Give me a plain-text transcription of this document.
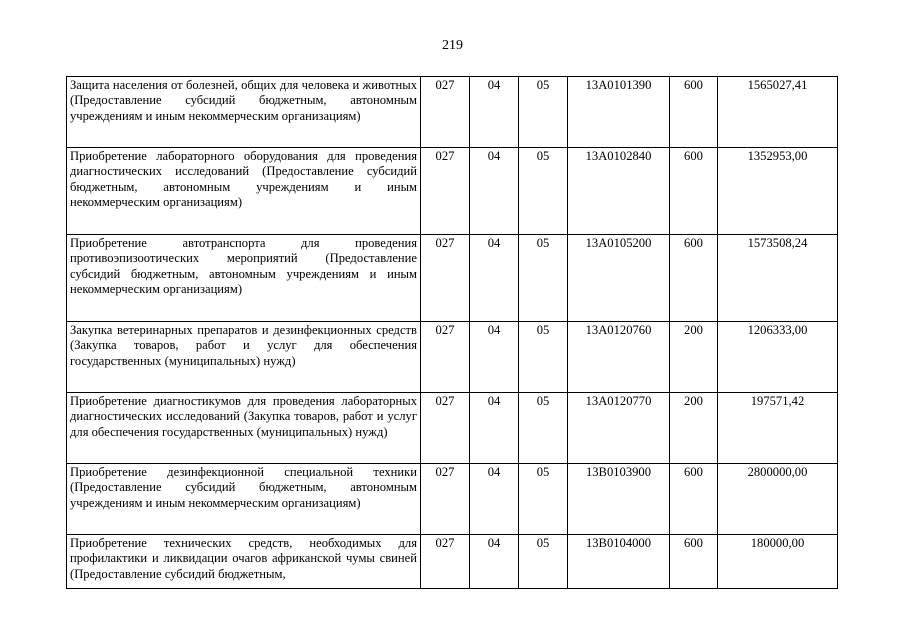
219
Защита населения от болезней, общих для человека и животных (Предоставление субсидий бюджетным, автономным учреждениям и иным некоммерческим организациям)	027	04	05	13А0101390	600	1565027,41
Приобретение лабораторного оборудования для проведения диагностических исследований (Предоставление субсидий бюджетным, автономным учреждениям и иным некоммерческим организациям)	027	04	05	13А0102840	600	1352953,00
Приобретение автотранспорта для проведения противоэпизоотических мероприятий (Предоставление субсидий бюджетным, автономным учреждениям и иным некоммерческим организациям)	027	04	05	13А0105200	600	1573508,24
Закупка ветеринарных препаратов и дезинфекционных средств (Закупка товаров, работ и услуг для обеспечения государственных (муниципальных) нужд)	027	04	05	13А0120760	200	1206333,00
Приобретение диагностикумов для проведения лабораторных диагностических исследований (Закупка товаров, работ и услуг для обеспечения государственных (муниципальных) нужд)	027	04	05	13А0120770	200	197571,42
Приобретение дезинфекционной специальной техники (Предоставление субсидий бюджетным, автономным учреждениям и иным некоммерческим организациям)	027	04	05	13В0103900	600	2800000,00
Приобретение технических средств, необходимых для профилактики и ликвидации очагов африканской чумы свиней (Предоставление субсидий бюджетным,	027	04	05	13В0104000	600	180000,00
